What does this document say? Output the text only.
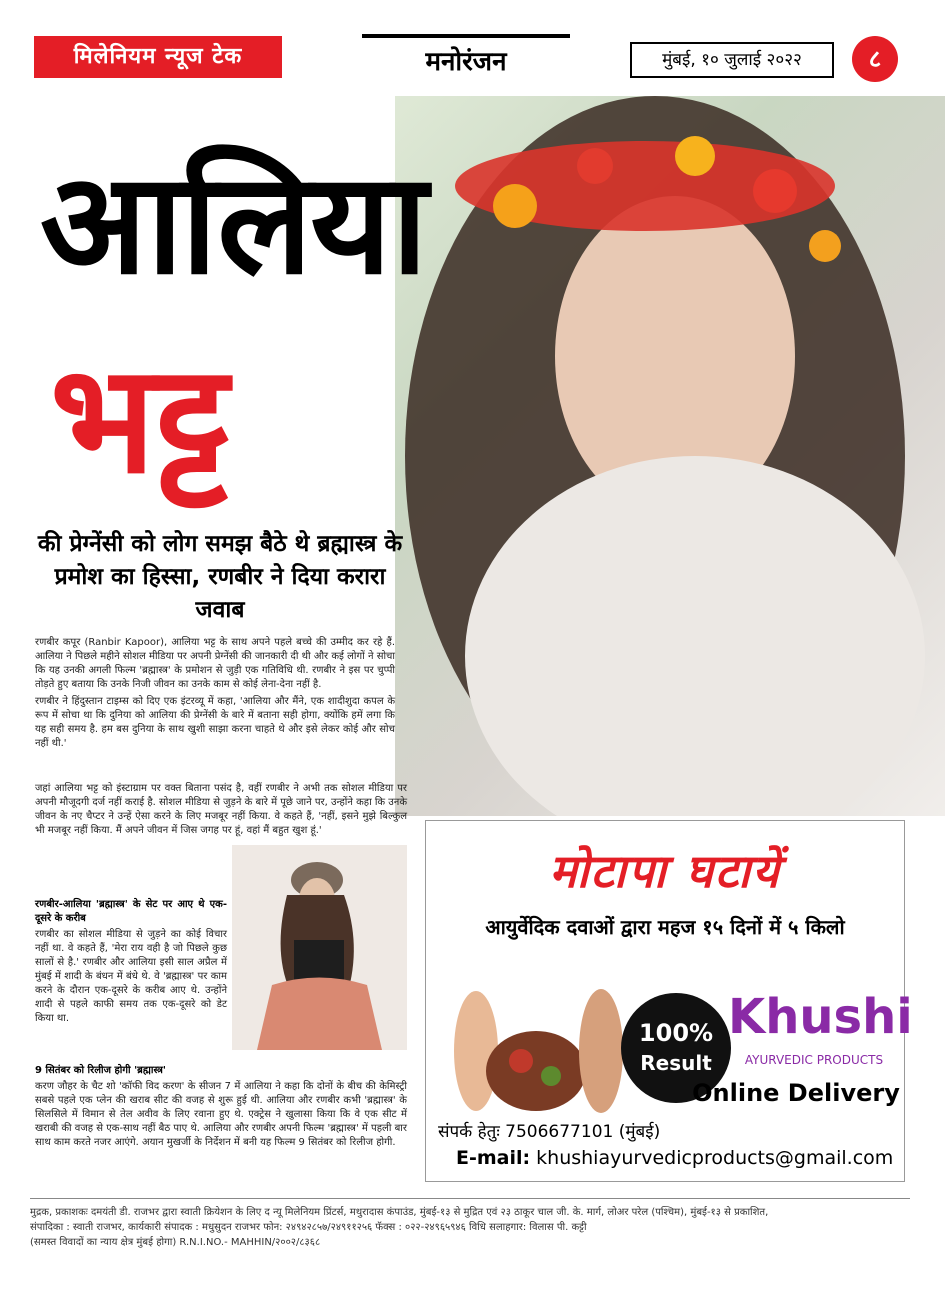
मिलेनियम न्यूज टेक	मनोरंजन	मुंबई, १० जुलाई २०२२	८
आलिया
भट्ट
की प्रेग्नेंसी को लोग समझ बैठे थे ब्रह्मास्त्र के प्रमोश का हिस्सा, रणबीर ने दिया करारा जवाब

रणबीर कपूर (Ranbir Kapoor), आलिया भट्ट के साथ अपने पहले बच्चे की उम्मीद कर रहे हैं. आलिया ने पिछले महीने सोशल मीडिया पर अपनी प्रेग्नेंसी की जानकारी दी थी और कई लोगों ने सोचा कि यह उनकी अगली फिल्म 'ब्रह्मास्त्र' के प्रमोशन से जुड़ी एक गतिविधि थी. रणबीर ने इस पर चुप्पी तोड़ते हुए बताया कि उनके निजी जीवन का उनके काम से कोई लेना-देना नहीं है.

रणबीर ने हिंदुस्तान टाइम्स को दिए एक इंटरव्यू में कहा, 'आलिया और मैंने, एक शादीशुदा कपल के रूप में सोचा था कि दुनिया को आलिया की प्रेग्नेंसी के बारे में बताना सही होगा, क्योंकि हमें लगा कि यह सही समय है. हम बस दुनिया के साथ खुशी साझा करना चाहते थे और इसे लेकर कोई और सोच नहीं थी.'

जहां आलिया भट्ट को इंस्टाग्राम पर वक्त बिताना पसंद है, वहीं रणबीर ने अभी तक सोशल मीडिया पर अपनी मौजूदगी दर्ज नहीं कराई है. सोशल मीडिया से जुड़ने के बारे में पूछे जाने पर, उन्होंने कहा कि उनके जीवन के नए चैप्टर ने उन्हें ऐसा करने के लिए मजबूर नहीं किया. वे कहते हैं, 'नहीं, इसने मुझे बिल्कुल भी मजबूर नहीं किया. मैं अपने जीवन में जिस जगह पर हूं, वहां मैं बहुत खुश हूं.'

रणबीर-आलिया 'ब्रह्मास्त्र' के सेट पर आए थे एक-दूसरे के करीब

रणबीर का सोशल मीडिया से जुड़ने का कोई विचार नहीं था. वे कहते हैं, 'मेरा राय वही है जो पिछले कुछ सालों से है.' रणबीर और आलिया इसी साल अप्रैल में मुंबई में शादी के बंधन में बंधे थे. वे 'ब्रह्मास्त्र' पर काम करने के दौरान एक-दूसरे के करीब आए थे. उन्होंने शादी से पहले काफी समय तक एक-दूसरे को डेट किया था.

9 सितंबर को रिलीज होगी 'ब्रह्मास्त्र'

करण जौहर के चैट शो 'कॉफी विद करण' के सीजन 7 में आलिया ने कहा कि दोनों के बीच की केमिस्ट्री सबसे पहले एक प्लेन की खराब सीट की वजह से शुरू हुई थी. आलिया और रणबीर कभी 'ब्रह्मास्त्र' के सिलसिले में विमान से तेल अवीव के लिए रवाना हुए थे. एक्ट्रेस ने खुलासा किया कि वे एक सीट में खराबी की वजह से एक-साथ नहीं बैठ पाए थे. आलिया और रणबीर अपनी फिल्म 'ब्रह्मास्त्र' में पहली बार साथ काम करते नजर आएंगे. अयान मुखर्जी के निर्देशन में बनी यह फिल्म 9 सितंबर को रिलीज होगी.

मोटापा घटायें
आयुर्वेदिक दवाओं द्वारा महज १५ दिनों में ५ किलो
100%
Result
Khushi
AYURVEDIC PRODUCTS
Online Delivery
संपर्क हेतुः 7506677101 (मुंबई)
E-mail: khushiayurvedicproducts@gmail.com

मुद्रक, प्रकाशकः दमयंती डी. राजभर द्वारा स्वाती क्रियेशन के लिए द न्यू मिलेनियम प्रिंटर्स, मथुरादास कंपाउंड, मुंबई-१३ से मुद्रित एवं २३ ठाकूर चाल जी. के. मार्ग, लोअर परेल (पश्चिम), मुंबई-१३ से प्रकाशित,

संपादिका : स्वाती राजभर, कार्यकारी संपादक : मधुसुदन राजभर फोन: २४९४२८५७/२४९११२५६ फॅक्स : ०२२-२४९६५९४६ विधि सलाहगार: विलास पी. कट्टी

(समस्त विवादों का न्याय क्षेत्र मुंबई होगा) R.N.I.NO.- MAHHIN/२००२/८३६८
